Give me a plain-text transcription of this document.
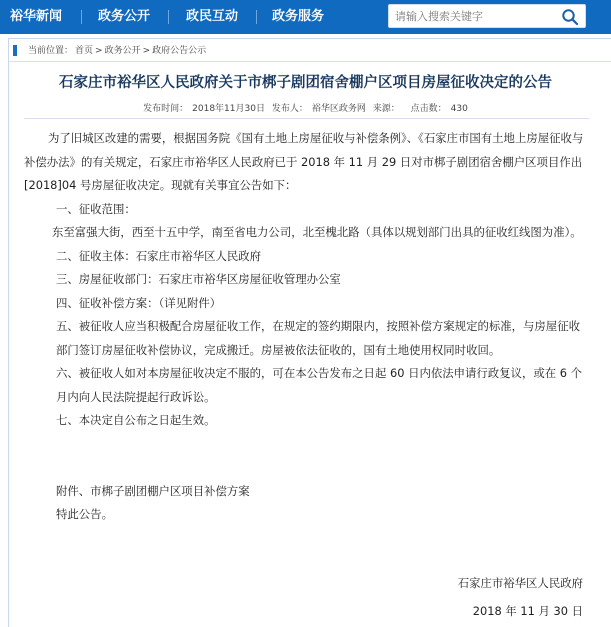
裕华新闻	政务公开	政民互动	政务服务
请输入搜索关键字
当前位置： 首页 > 政务公开 > 政府公告公示
石家庄市裕华区人民政府关于市梆子剧团宿舍棚户区项目房屋征收决定的公告
发布时间： 2018年11月30日 发布人： 裕华区政务网 来源： 点击数： 430

为了旧城区改建的需要，根据国务院《国有土地上房屋征收与补偿条例》、《石家庄市国有土地上房屋征收与补偿办法》的有关规定，石家庄市裕华区人民政府已于 2018 年 11 月 29 日对市梆子剧团宿舍棚户区项目作出[2018]04 号房屋征收决定。现就有关事宜公告如下：

一、征收范围：

东至富强大街，西至十五中学，南至省电力公司，北至槐北路（具体以规划部门出具的征收红线图为准）。

二、征收主体：石家庄市裕华区人民政府

三、房屋征收部门：石家庄市裕华区房屋征收管理办公室

四、征收补偿方案：（详见附件）

五、被征收人应当积极配合房屋征收工作，在规定的签约期限内，按照补偿方案规定的标准，与房屋征收部门签订房屋征收补偿协议，完成搬迁。房屋被依法征收的，国有土地使用权同时收回。

六、被征收人如对本房屋征收决定不服的，可在本公告发布之日起 60 日内依法申请行政复议，或在 6 个月内向人民法院提起行政诉讼。

七、本决定自公布之日起生效。

附件、市梆子剧团棚户区项目补偿方案

特此公告。

石家庄市裕华区人民政府
2018 年 11 月 30 日
